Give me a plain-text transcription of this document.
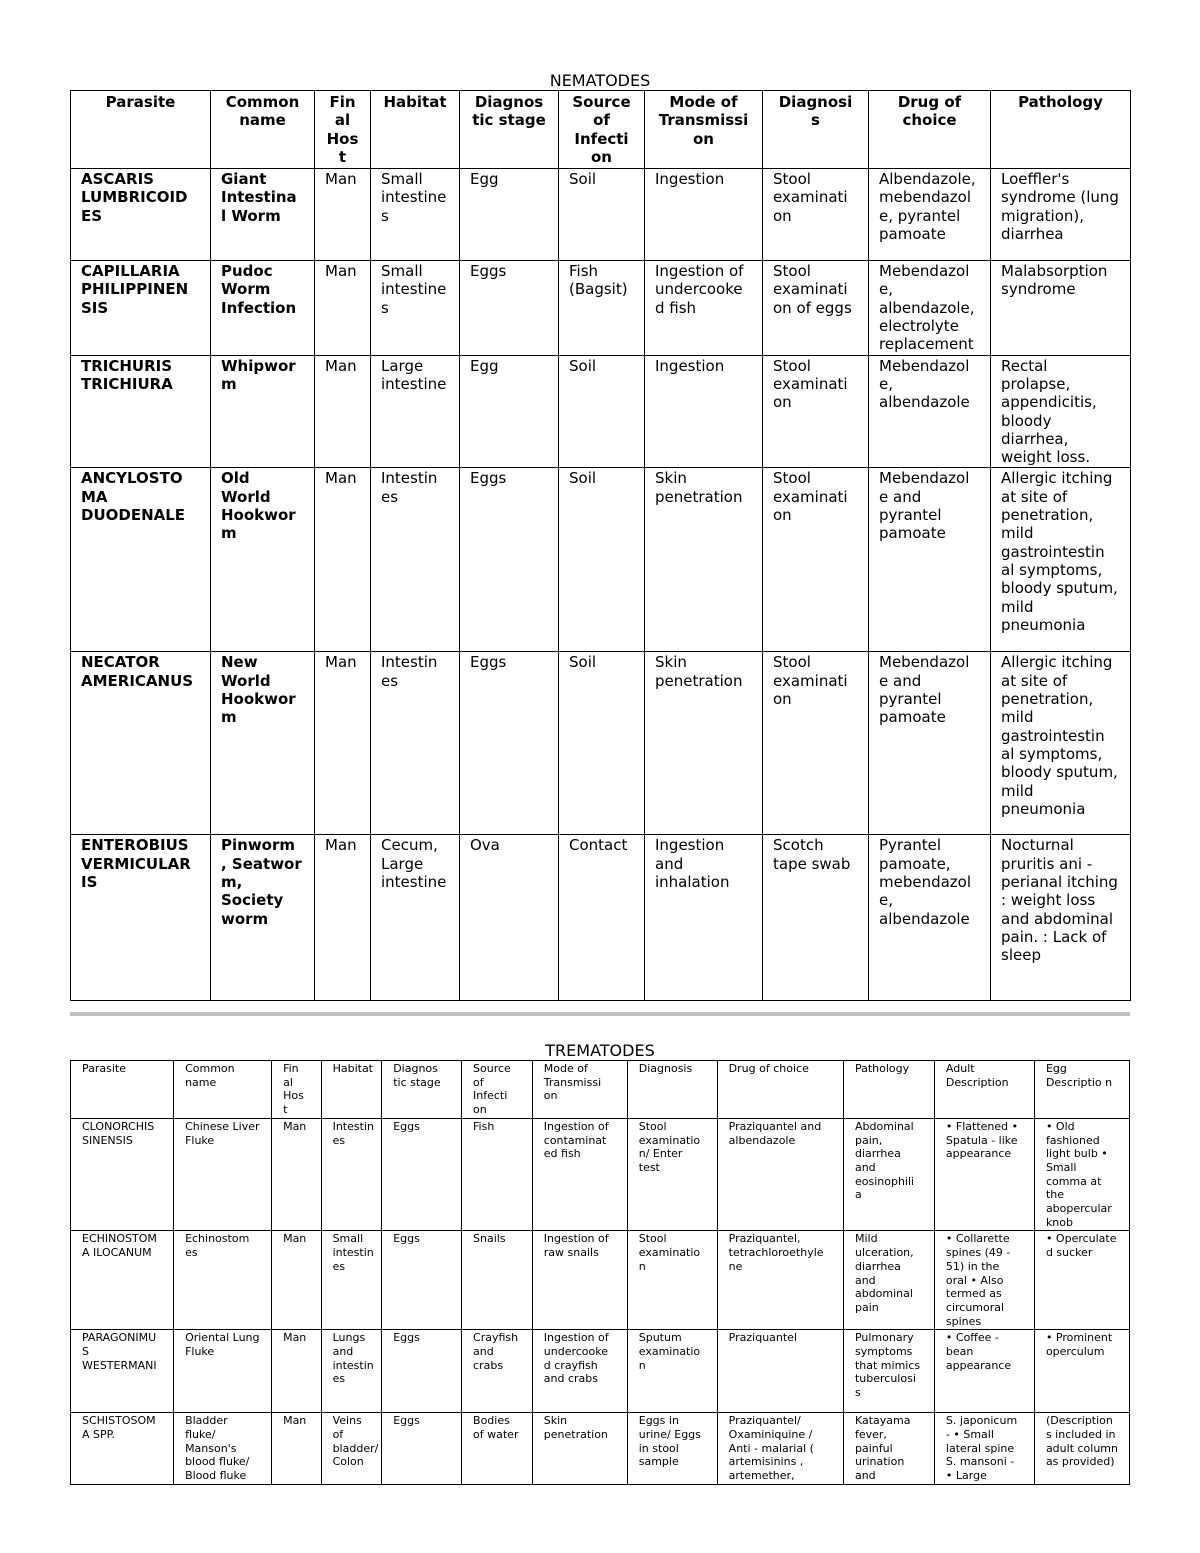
NEMATODES
Parasite	Common name	Fin al Hos t	Habitat	Diagnos tic stage	Source of Infecti on	Mode of Transmissi on	Diagnosi s	Drug of choice	Pathology
ASCARIS LUMBRICOID ES	Giant Intestina l Worm	Man	Small intestine s	Egg	Soil	Ingestion	Stool examinati on	Albendazole, mebendazol e, pyrantel pamoate	Loeffler's syndrome (lung migration), diarrhea
CAPILLARIA PHILIPPINEN SIS	Pudoc Worm Infection	Man	Small intestine s	Eggs	Fish (Bagsit)	Ingestion of undercooke d fish	Stool examinati on of eggs	Mebendazol e, albendazole, electrolyte replacement	Malabsorption syndrome
TRICHURIS TRICHIURA	Whipwor m	Man	Large intestine	Egg	Soil	Ingestion	Stool examinati on	Mebendazol e, albendazole	Rectal prolapse, appendicitis, bloody diarrhea, weight loss.
ANCYLOSTO MA DUODENALE	Old World Hookwor m	Man	Intestin es	Eggs	Soil	Skin penetration	Stool examinati on	Mebendazol e and pyrantel pamoate	Allergic itching at site of penetration, mild gastrointestin al symptoms, bloody sputum, mild pneumonia
NECATOR AMERICANUS	New World Hookwor m	Man	Intestin es	Eggs	Soil	Skin penetration	Stool examinati on	Mebendazol e and pyrantel pamoate	Allergic itching at site of penetration, mild gastrointestin al symptoms, bloody sputum, mild pneumonia
ENTEROBIUS VERMICULAR IS	Pinworm , Seatwor m, Society worm	Man	Cecum, Large intestine	Ova	Contact	Ingestion and inhalation	Scotch tape swab	Pyrantel pamoate, mebendazol e, albendazole	Nocturnal pruritis ani - perianal itching : weight loss and abdominal pain. : Lack of sleep
TREMATODES
Parasite	Common name	Fin al Hos t	Habitat	Diagnos tic stage	Source of Infecti on	Mode of Transmissi on	Diagnosis	Drug of choice	Pathology	Adult Description	Egg Descriptio n
CLONORCHIS SINENSIS	Chinese Liver Fluke	Man	Intestin es	Eggs	Fish	Ingestion of contaminat ed fish	Stool examinatio n/ Enter test	Praziquantel and albendazole	Abdominal pain, diarrhea and eosinophili a	• Flattened • Spatula - like appearance	• Old fashioned light bulb • Small comma at the abopercular knob
ECHINOSTOM A ILOCANUM	Echinostom es	Man	Small intestin es	Eggs	Snails	Ingestion of raw snails	Stool examinatio n	Praziquantel, tetrachloroethyle ne	Mild ulceration, diarrhea and abdominal pain	• Collarette spines (49 - 51) in the oral • Also termed as circumoral spines	• Operculate d sucker
PARAGONIMU S WESTERMANI	Oriental Lung Fluke	Man	Lungs and intestin es	Eggs	Crayfish and crabs	Ingestion of undercooke d crayfish and crabs	Sputum examinatio n	Praziquantel	Pulmonary symptoms that mimics tuberculosi s	• Coffee - bean appearance	• Prominent operculum
SCHISTOSOM A SPP.	Bladder fluke/ Manson's blood fluke/ Blood fluke	Man	Veins of bladder/ Colon	Eggs	Bodies of water	Skin penetration	Eggs in urine/ Eggs in stool sample	Praziquantel/ Oxaminiquine / Anti - malarial ( artemisinins , artemether,	Katayama fever, painful urination and	S. japonicum - • Small lateral spine S. mansoni - • Large	(Description s included in adult column as provided)
